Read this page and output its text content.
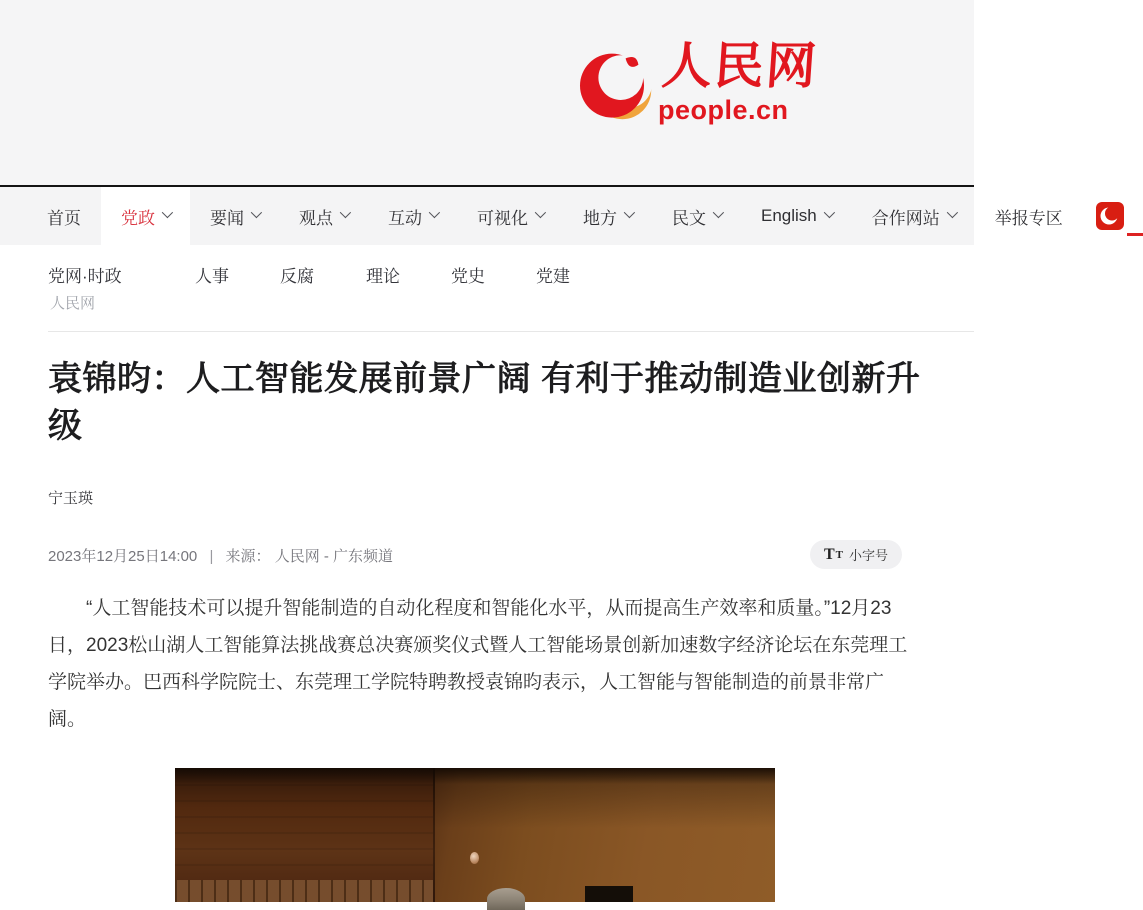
人民网
people.cn
首页 党政	要闻	观点	互动	可视化	地方	民文	English	合作网站	举报专区
党网·时政	人事	反腐	理论	党史	党建
人民网
袁锦昀：人工智能发展前景广阔 有利于推动制造业创新升级
宁玉瑛
2023年12月25日14:00 | 来源： 人民网 - 广东频道	T T 小字号

“人工智能技术可以提升智能制造的自动化程度和智能化水平，从而提高生产效率和质量。”12月23日，2023松山湖人工智能算法挑战赛总决赛颁奖仪式暨人工智能场景创新加速数字经济论坛在东莞理工学院举办。巴西科学院院士、东莞理工学院特聘教授袁锦昀表示，人工智能与智能制造的前景非常广阔。
